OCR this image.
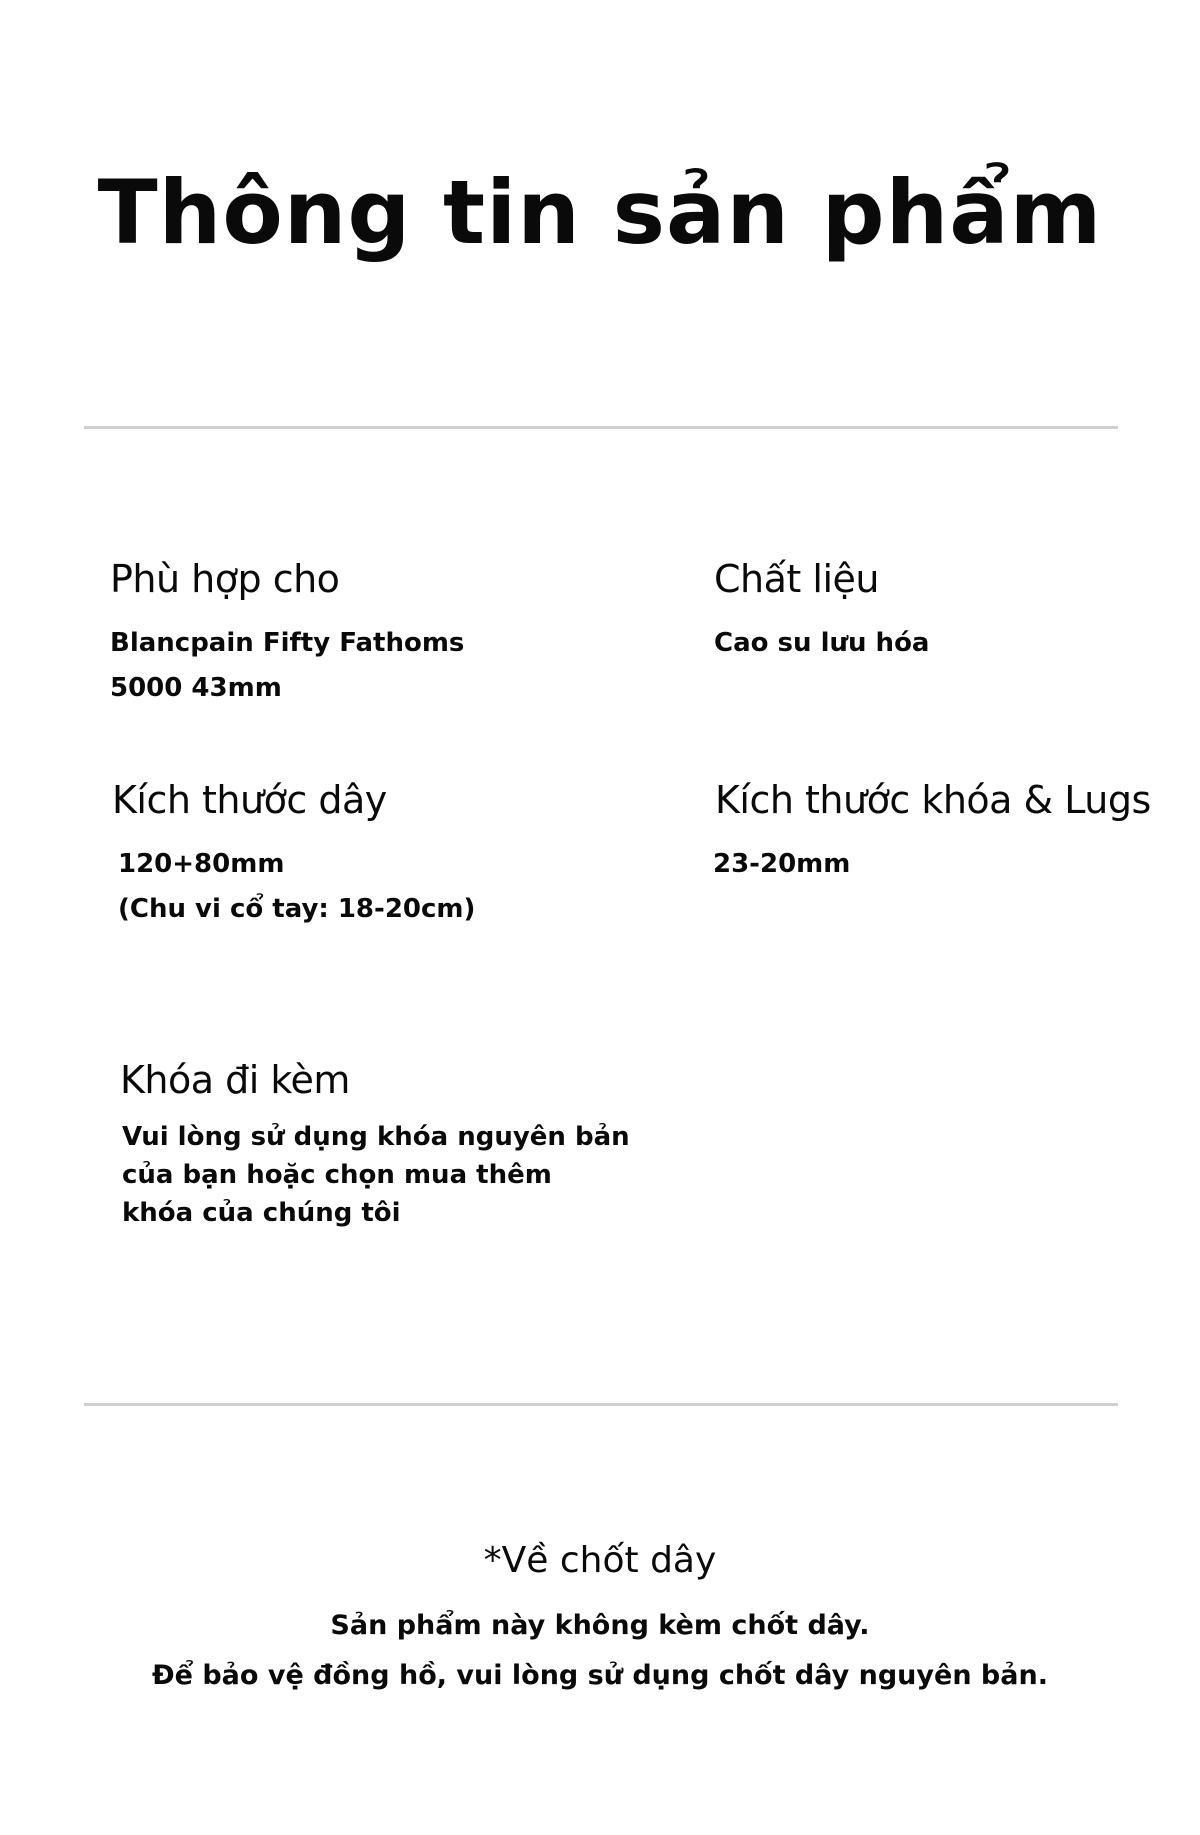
Thông tin sản phẩm
Phù hợp cho
Blancpain Fifty Fathoms
5000 43mm
Chất liệu
Cao su lưu hóa
Kích thước dây
120+80mm
(Chu vi cổ tay: 18-20cm)
Kích thước khóa & Lugs
23-20mm
Khóa đi kèm
Vui lòng sử dụng khóa nguyên bản
của bạn hoặc chọn mua thêm
khóa của chúng tôi
*Về chốt dây
Sản phẩm này không kèm chốt dây.
Để bảo vệ đồng hồ, vui lòng sử dụng chốt dây nguyên bản.
